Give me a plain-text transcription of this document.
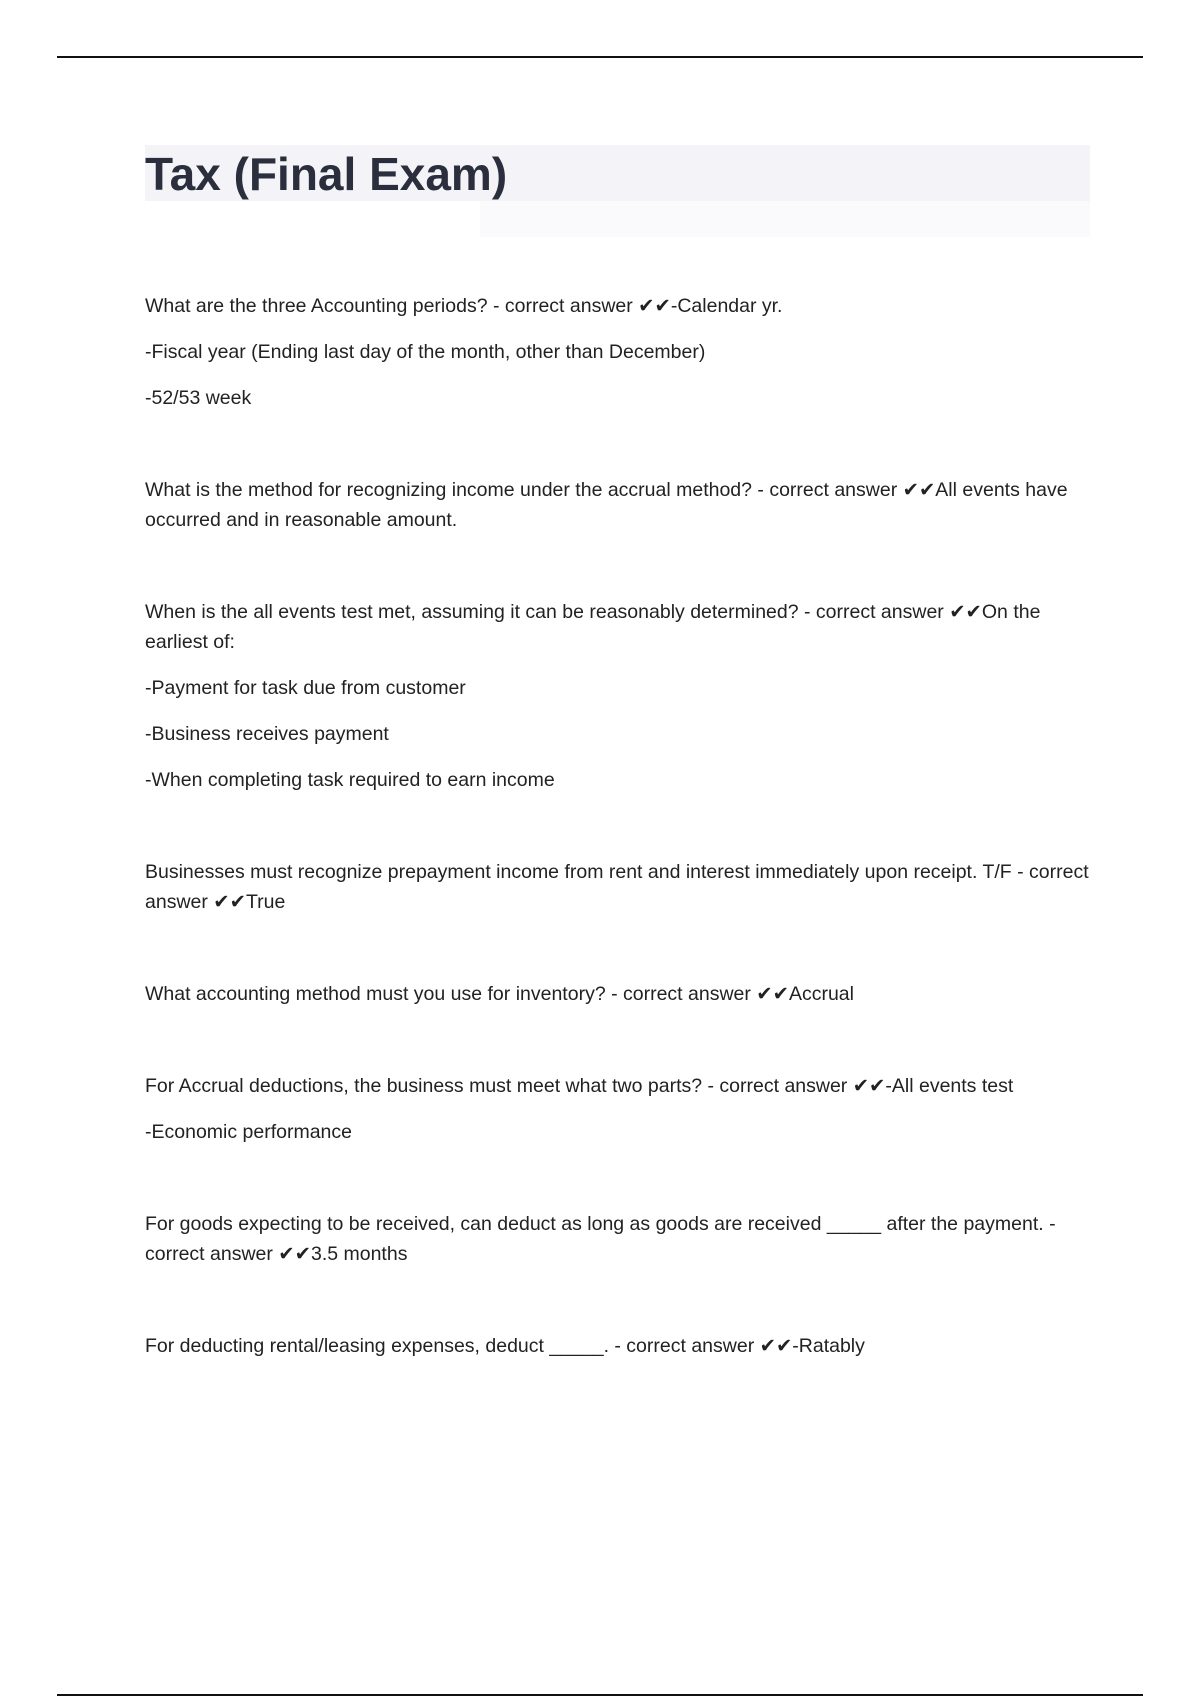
Tax (Final Exam)

What are the three Accounting periods? - correct answer ✔✔-Calendar yr.

-Fiscal year (Ending last day of the month, other than December)

-52/53 week

What is the method for recognizing income under the accrual method? - correct answer ✔✔All events have occurred and in reasonable amount.

When is the all events test met, assuming it can be reasonably determined? - correct answer ✔✔On the earliest of:

-Payment for task due from customer

-Business receives payment

-When completing task required to earn income

Businesses must recognize prepayment income from rent and interest immediately upon receipt. T/F - correct answer ✔✔True

What accounting method must you use for inventory? - correct answer ✔✔Accrual

For Accrual deductions, the business must meet what two parts? - correct answer ✔✔-All events test

-Economic performance

For goods expecting to be received, can deduct as long as goods are received _____ after the payment. - correct answer ✔✔3.5 months

For deducting rental/leasing expenses, deduct _____. - correct answer ✔✔-Ratably
